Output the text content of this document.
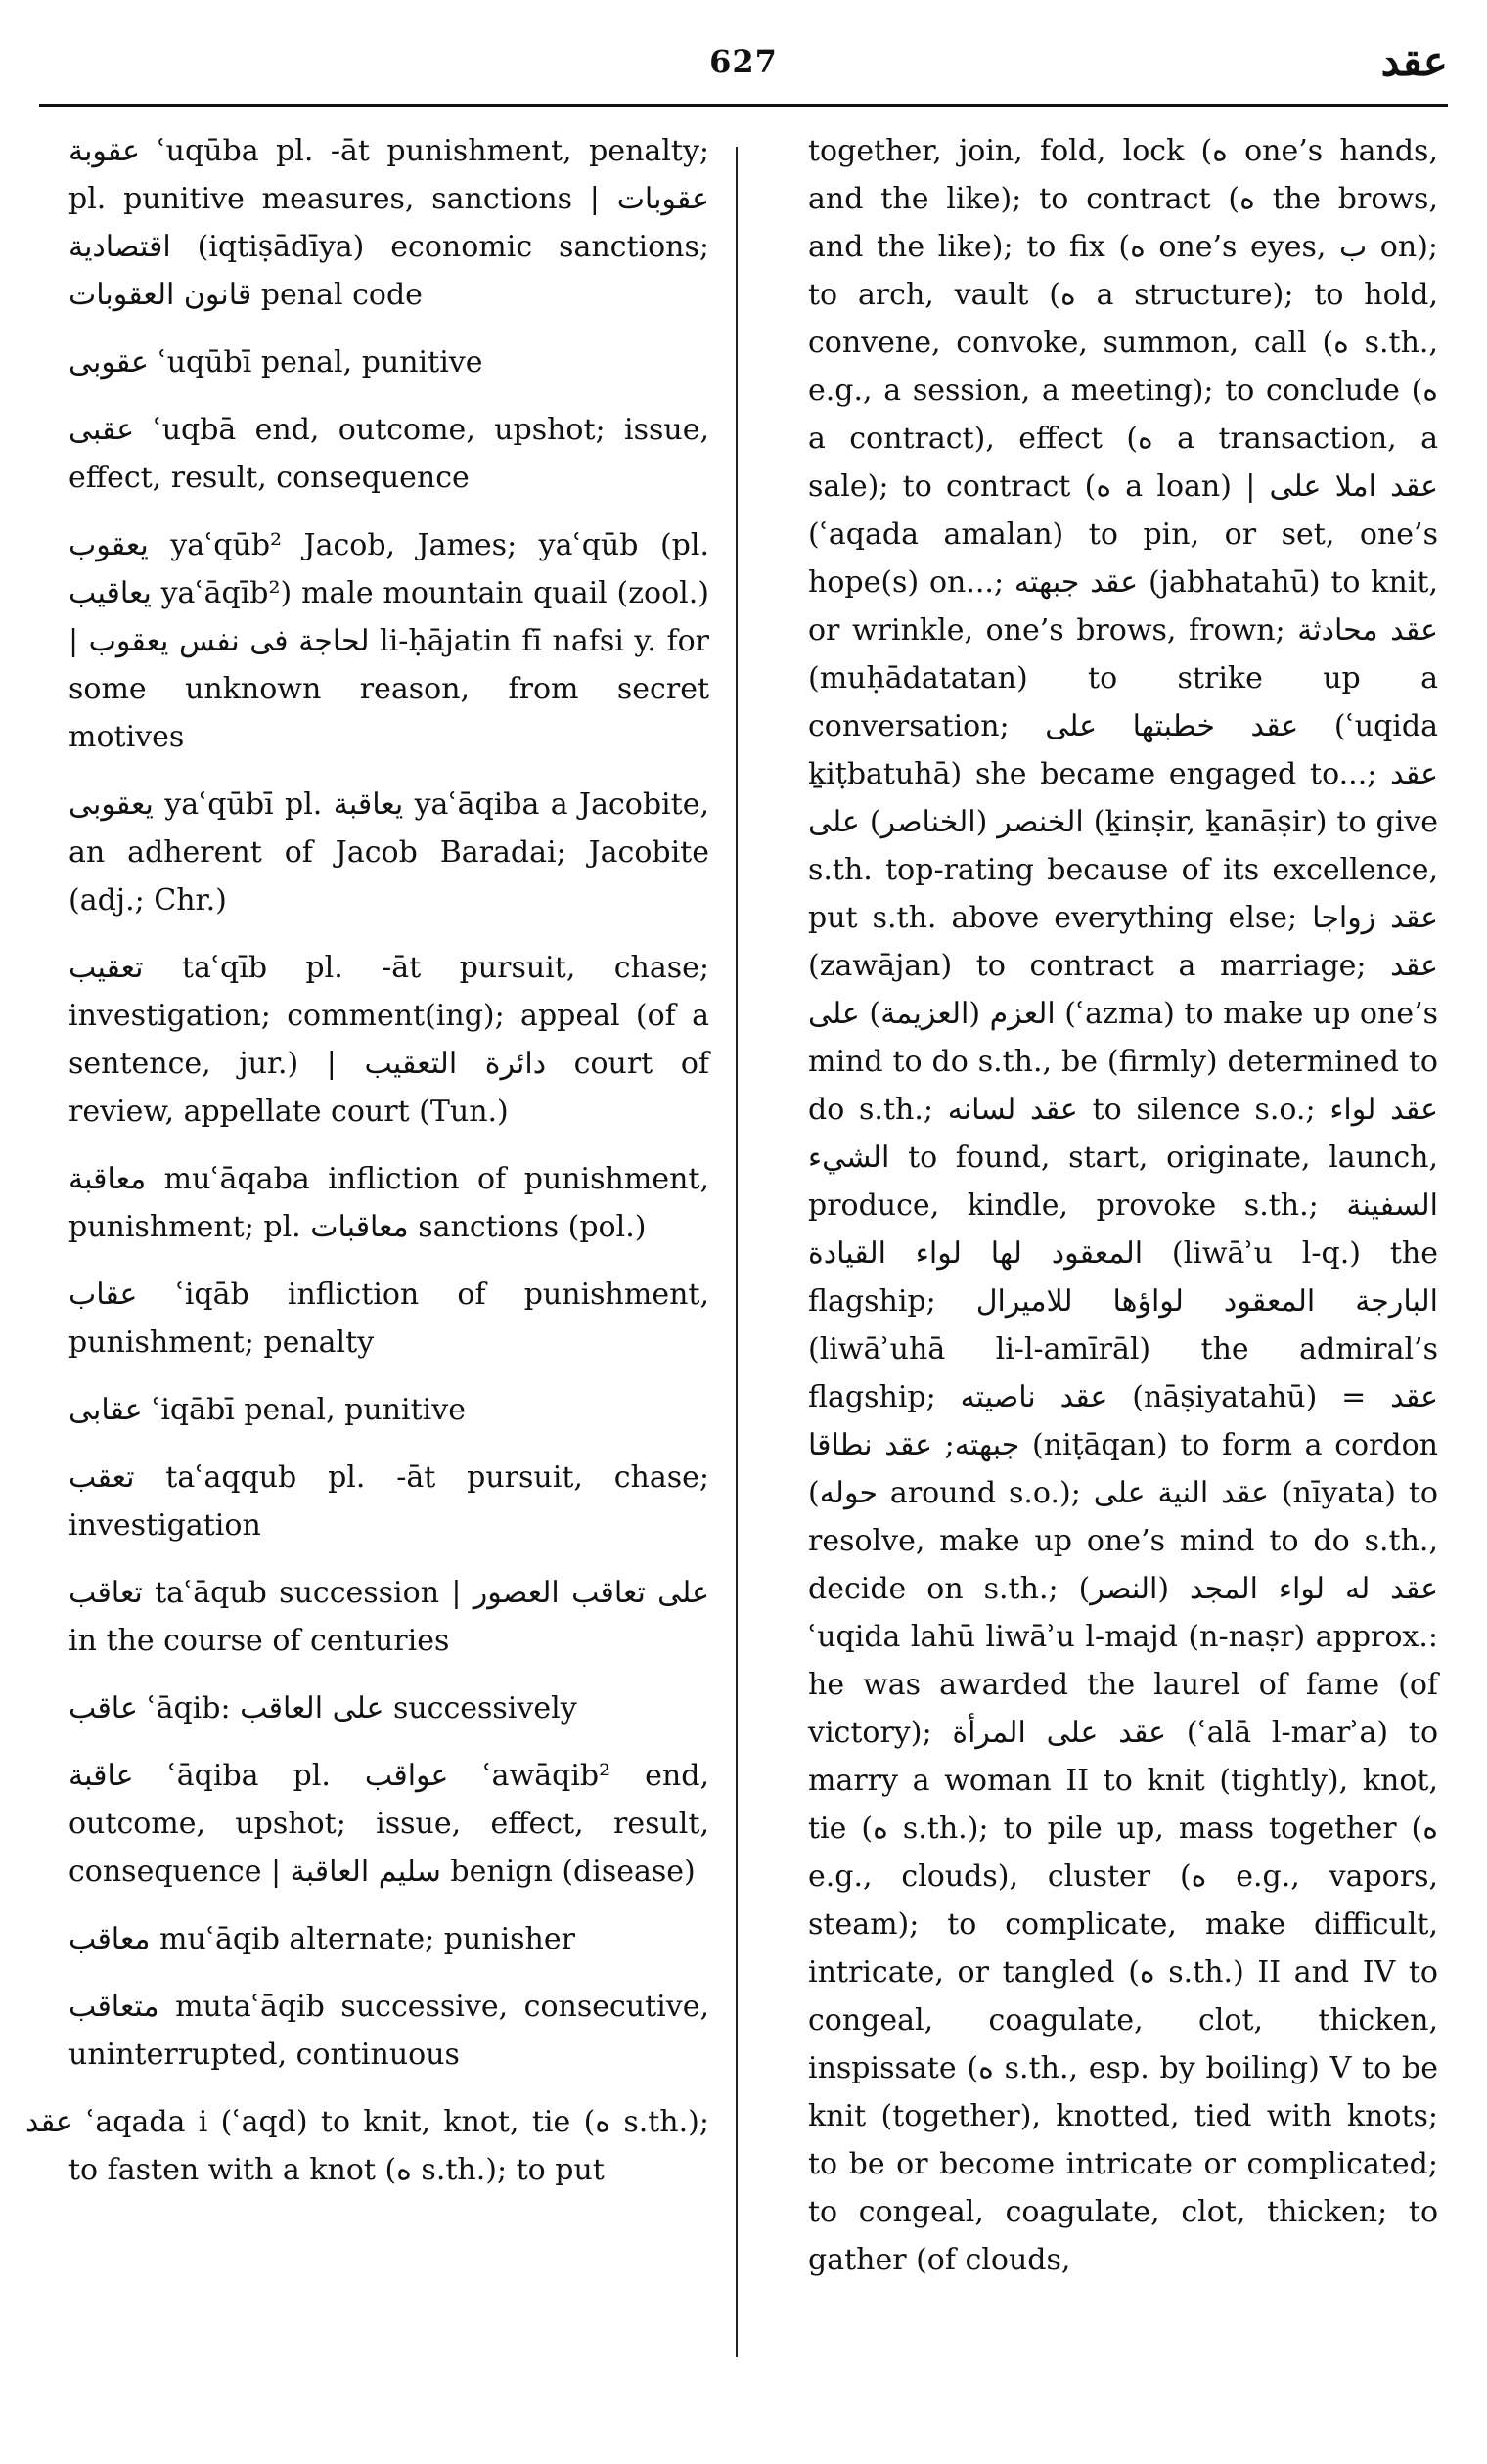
627	عقد

عقوبة ʿuqūba pl. -āt punishment, penalty; pl. punitive measures, sanctions | عقوبات اقتصادية (iqtiṣādīya) economic sanctions; قانون العقوبات penal code

عقوبى ʿuqūbī penal, punitive

عقبى ʿuqbā end, outcome, upshot; issue, effect, result, consequence

يعقوب yaʿqūb² Jacob, James; yaʿqūb (pl. يعاقيب yaʿāqīb²) male mountain quail (zool.) | لحاجة فى نفس يعقوب li-ḥājatin fī nafsi y. for some unknown reason, from secret motives

يعقوبى yaʿqūbī pl. يعاقبة yaʿāqiba a Jacobite, an adherent of Jacob Baradai; Jacobite (adj.; Chr.)

تعقيب taʿqīb pl. -āt pursuit, chase; investigation; comment(ing); appeal (of a sentence, jur.) | دائرة التعقيب court of review, appellate court (Tun.)

معاقبة muʿāqaba infliction of punishment, punishment; pl. معاقبات sanctions (pol.)

عقاب ʿiqāb infliction of punishment, punishment; penalty

عقابى ʿiqābī penal, punitive

تعقب taʿaqqub pl. -āt pursuit, chase; investigation

تعاقب taʿāqub succession | على تعاقب العصور in the course of centuries

عاقب ʿāqib: على العاقب successively

عاقبة ʿāqiba pl. عواقب ʿawāqib² end, outcome, upshot; issue, effect, result, consequence | سليم العاقبة benign (disease)

معاقب muʿāqib alternate; punisher

متعاقب mutaʿāqib successive, consecutive, uninterrupted, continuous

عقد ʿaqada i (ʿaqd) to knit, knot, tie (ه s.th.); to fasten with a knot (ه s.th.); to put

together, join, fold, lock (ه one’s hands, and the like); to contract (ه the brows, and the like); to fix (ه one’s eyes, ب on); to arch, vault (ه a structure); to hold, convene, convoke, summon, call (ه s.th., e.g., a session, a meeting); to conclude (ه a contract), effect (ه a transaction, a sale); to contract (ه a loan) | عقد املا على (ʿaqada amalan) to pin, or set, one’s hope(s) on...; عقد جبهته (jabhatahū) to knit, or wrinkle, one’s brows, frown; عقد محادثة (muḥādatatan) to strike up a conversation; عقد خطبتها على (ʿuqida ḵiṭbatuhā) she became engaged to...; عقد الخنصر (الخناصر) على (ḵinṣir, ḵanāṣir) to give s.th. top-rating because of its excellence, put s.th. above everything else; عقد زواجا (zawājan) to contract a marriage; عقد العزم (العزيمة) على (ʿazma) to make up one’s mind to do s.th., be (firmly) determined to do s.th.; عقد لسانه to silence s.o.; عقد لواء الشيء to found, start, originate, launch, produce, kindle, provoke s.th.; السفينة المعقود لها لواء القيادة (liwāʾu l-q.) the flagship; البارجة المعقود لواؤها للاميرال (liwāʾuhā li-l-amīrāl) the admiral’s flagship; عقد ناصيته (nāṣiyatahū) = عقد جبهته; عقد نطاقا (niṭāqan) to form a cordon (حوله around s.o.); عقد النية على (nīyata) to resolve, make up one’s mind to do s.th., decide on s.th.; عقد له لواء المجد (النصر) ʿuqida lahū liwāʾu l-majd (n-naṣr) approx.: he was awarded the laurel of fame (of victory); عقد على المرأة (ʿalā l-marʾa) to marry a woman II to knit (tightly), knot, tie (ه s.th.); to pile up, mass together (ه e.g., clouds), cluster (ه e.g., vapors, steam); to complicate, make difficult, intricate, or tangled (ه s.th.) II and IV to congeal, coagulate, clot, thicken, inspissate (ه s.th., esp. by boiling) V to be knit (together), knotted, tied with knots; to be or become intricate or complicated; to congeal, coagulate, clot, thicken; to gather (of clouds,
